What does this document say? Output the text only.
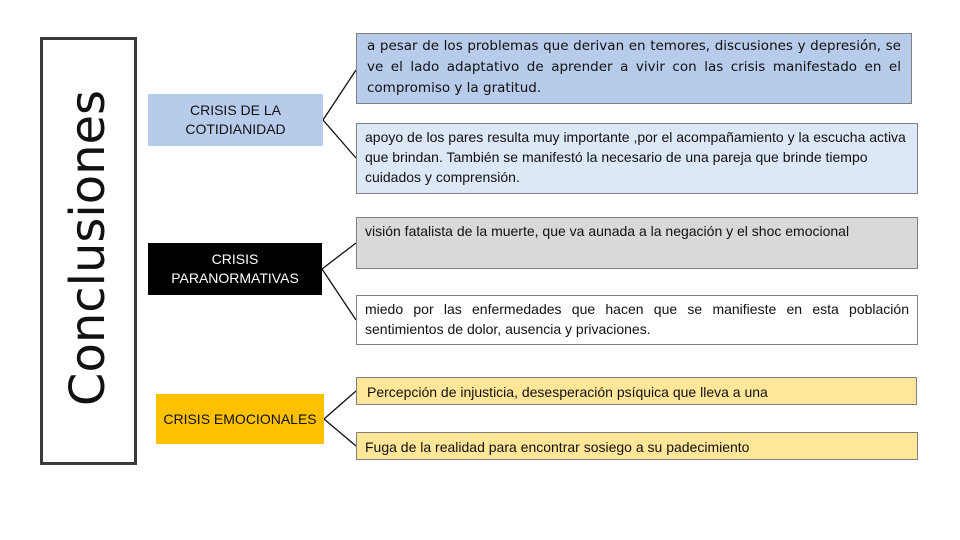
Conclusiones	CRISIS DE LA COTIDIANIDAD
CRISIS PARANORMATIVAS
CRISIS EMOCIONALES
a pesar de los problemas que derivan en temores, discusiones y depresión, se ve el lado adaptativo de aprender a vivir con las crisis manifestado en el compromiso y la gratitud.
apoyo de los pares resulta muy importante ,por el acompañamiento y la escucha activa que brindan. También se manifestó la necesario de una pareja que brinde tiempo cuidados y comprensión.
visión fatalista de la muerte, que va aunada a la negación y el shoc emocional
miedo por las enfermedades que hacen que se manifieste en esta población sentimientos de dolor, ausencia y privaciones.
Percepción de injusticia, desesperación psíquica que lleva a una
Fuga de la realidad para encontrar sosiego a su padecimiento
